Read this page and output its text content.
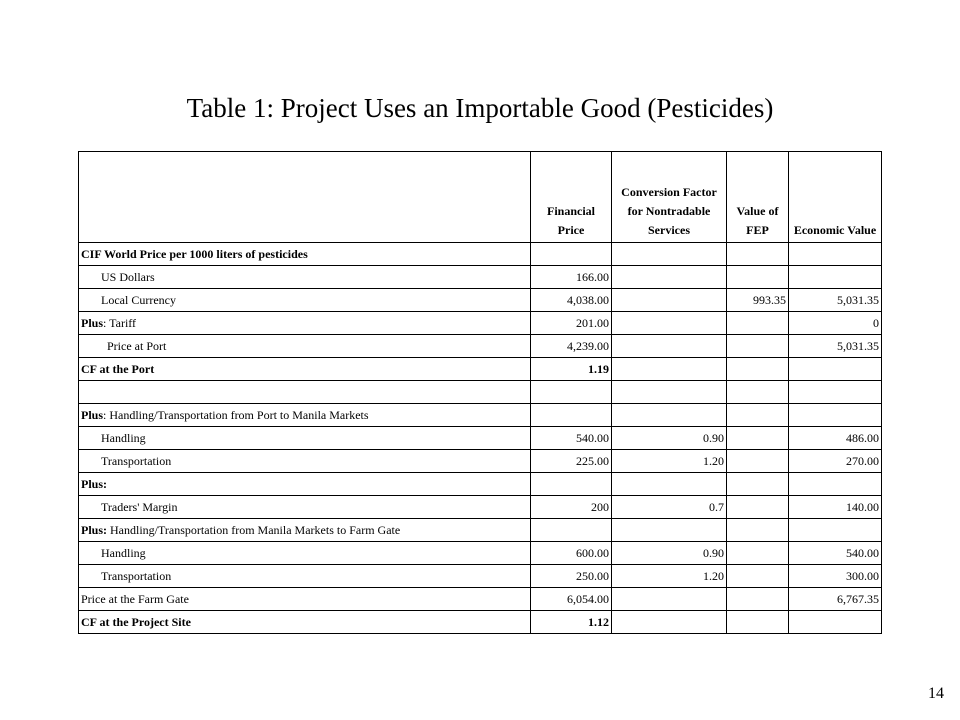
Table 1: Project Uses an Importable Good (Pesticides)
	Financial Price	Conversion Factor for Nontradable Services	Value of FEP	Economic Value
CIF World Price per 1000 liters of pesticides				
US Dollars	166.00			
Local Currency	4,038.00		993.35	5,031.35
Plus: Tariff	201.00			0
Price at Port	4,239.00			5,031.35
CF at the Port	1.19			

Plus: Handling/Transportation from Port to Manila Markets				
Handling	540.00	0.90		486.00
Transportation	225.00	1.20		270.00
Plus:				
Traders' Margin	200	0.7		140.00
Plus: Handling/Transportation from Manila Markets to Farm Gate				
Handling	600.00	0.90		540.00
Transportation	250.00	1.20		300.00
Price at the Farm Gate	6,054.00			6,767.35
CF at the Project Site	1.12			
14
